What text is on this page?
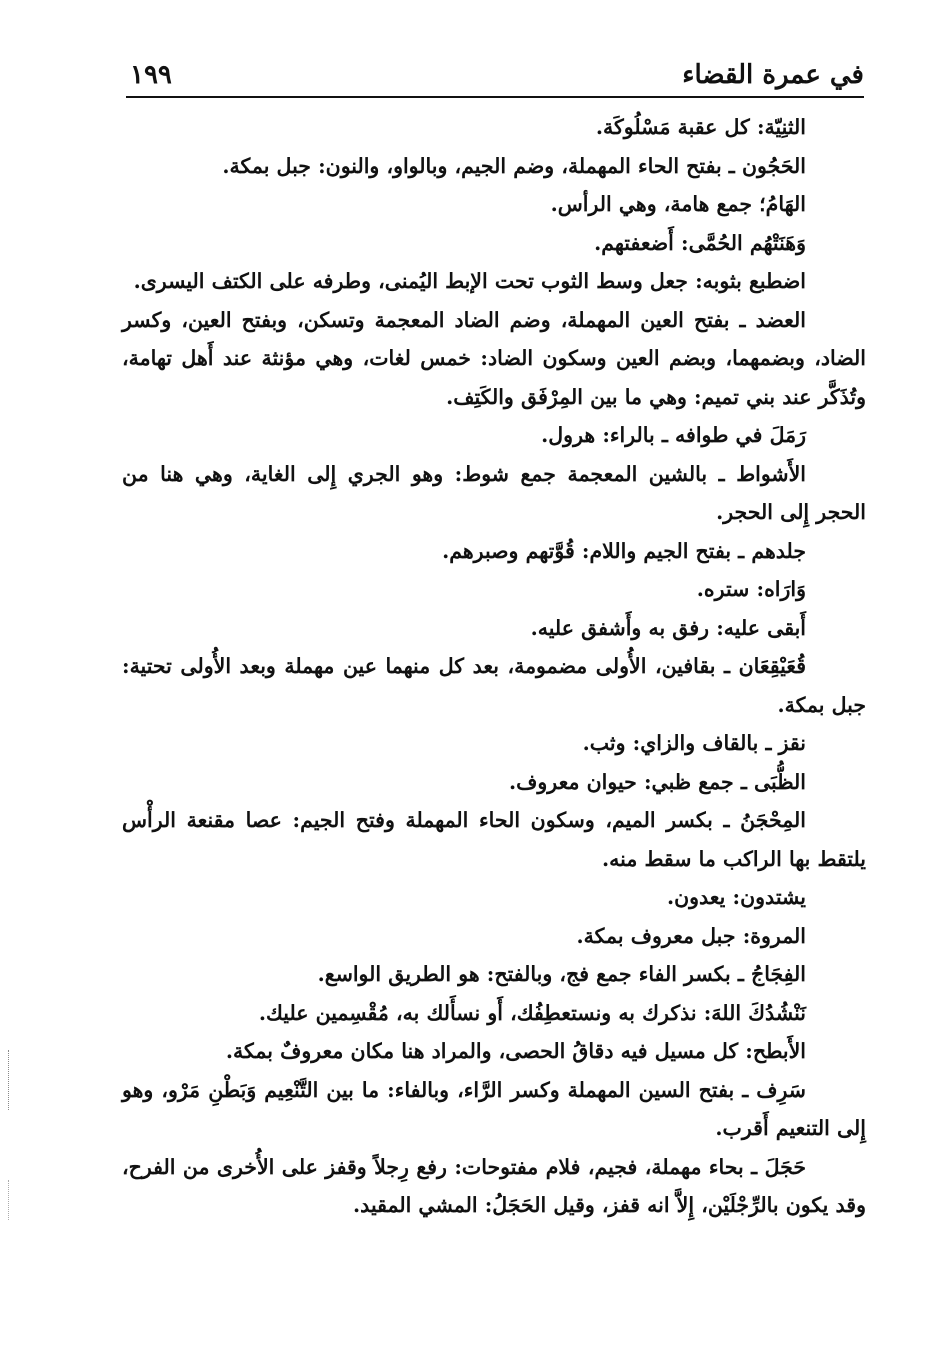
في عمرة القضاء
١٩٩

الثنِيّة: كل عقبة مَسْلُوكَة.

الحَجُون ـ بفتح الحاء المهملة، وضم الجيم، وبالواو، والنون: جبل بمكة.

الهَامُ؛ جمع هامة، وهي الرأس.

وَهَنَتْهُم الحُمَّى: أَضعفتهم.

اضطبع بثوبه: جعل وسط الثوب تحت الإبط اليُمنى، وطرفه على الكتف اليسرى.

العضد ـ بفتح العين المهملة، وضم الضاد المعجمة وتسكن، وبفتح العين، وكسر الضاد، وبضمهما، وبضم العين وسكون الضاد: خمس لغات، وهي مؤنثة عند أَهل تهامة، وتُذَكَّر عند بني تميم: وهي ما بين المِرْفَق والكَتِف.

رَمَلَ في طوافه ـ بالراء: هرول.

الأَشواط ـ بالشين المعجمة جمع شوط: وهو الجري إِلى الغاية، وهي هنا من الحجر إِلى الحجر.

جلدهم ـ بفتح الجيم واللام: قُوَّتهم وصبرهم.

وَارَاه: ستره.

أَبقى عليه: رفق به وأَشفق عليه.

قُعَيْقِعَان ـ بقافين، الأُولى مضمومة، بعد كل منهما عين مهملة وبعد الأُولى تحتية: جبل بمكة.

نقز ـ بالقاف والزاي: وثب.

الظُّبَى ـ جمع ظبي: حيوان معروف.

المِحْجَنُ ـ بكسر الميم، وسكون الحاء المهملة وفتح الجيم: عصا مقنعة الرأْس يلتقط بها الراكب ما سقط منه.

يشتدون: يعدون.

المروة: جبل معروف بمكة.

الفِجَاجُ ـ بكسر الفاء جمع فج، وبالفتح: هو الطريق الواسع.

نَنْشُدُكَ اللهَ: نذكرك به ونستعطِفُك، أَو نسأَلك به، مُقْسِمين عليك.

الأَبطح: كل مسيل فيه دقاقُ الحصى، والمراد هنا مكان معروفٌ بمكة.

سَرِف ـ بفتح السين المهملة وكسر الرَّاء، وبالفاء: ما بين التَّنْعِيم وَبَطْنِ مَرْو، وهو إِلى التنعيم أَقرب.

حَجَلَ ـ بحاء مهملة، فجيم، فلام مفتوحات: رفع رِجلاً وقفز على الأُخرى من الفرح، وقد يكون بالرِّجْلَيْن، إِلاَّ انه قفز، وقيل الحَجَلُ: المشي المقيد.
